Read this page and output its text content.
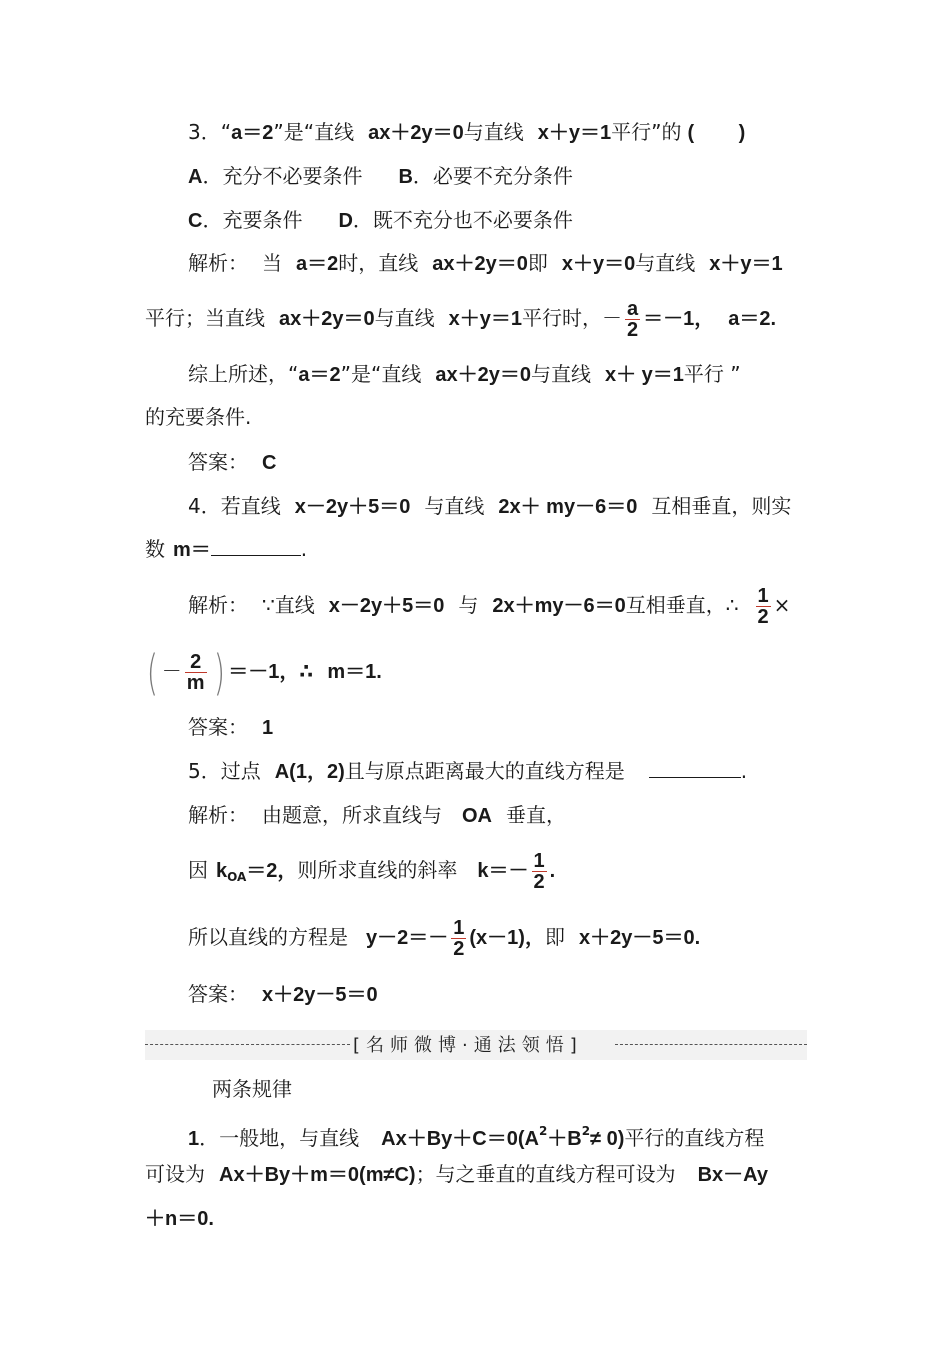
3．“a＝2”是“直线 ax＋2y＝0与直线 x＋y＝1平行”的 (        )
A．充分不必要条件 B．必要不充分条件
C．充要条件 D．既不充分也不必要条件
解析： 当 a＝2时，直线 ax＋2y＝0即 x＋y＝0与直线 x＋y＝1
平行；当直线 ax＋2y＝0与直线 x＋y＝1平行时，－ $\frac{a}{2} =-1$， a＝2.
综上所述，“a＝2”是“直线 ax＋2y＝0与直线 x＋ y＝1平行 ”
的充要条件.
答案： C
4．若直线 x－2y＋5＝0 与直线 2x＋ my－6＝0 互相垂直，则实
数 m＝	.
解析： ∵直线 x－2y＋5＝0 与 2x＋my－6＝0互相垂直，∴ $\frac{1}{2}$ ×
( － $\frac{2}{m}$ ) ＝－1，∴ m＝1.
答案： 1
5．过点 A(1，2)且与原点距离最大的直线方程是	.
解析： 由题意，所求直线与 OA 垂直，
因 $k_{OA}=2$，则所求直线的斜率 $k=- \frac{1}{2}$ .
所以直线的方程是 $y-2=- \frac{1}{2} (x-1)$，即 x＋2y－5＝0.
答案： x＋2y－5＝0
[名师微博·通法领悟]
两条规律
1．一般地，与直线 $Ax+By+C=0(A^2+B^2\ne 0)$平行的直线方程
可设为 Ax＋By＋m＝0(m≠C)；与之垂直的直线方程可设为 Bx－Ay
＋n＝0.
